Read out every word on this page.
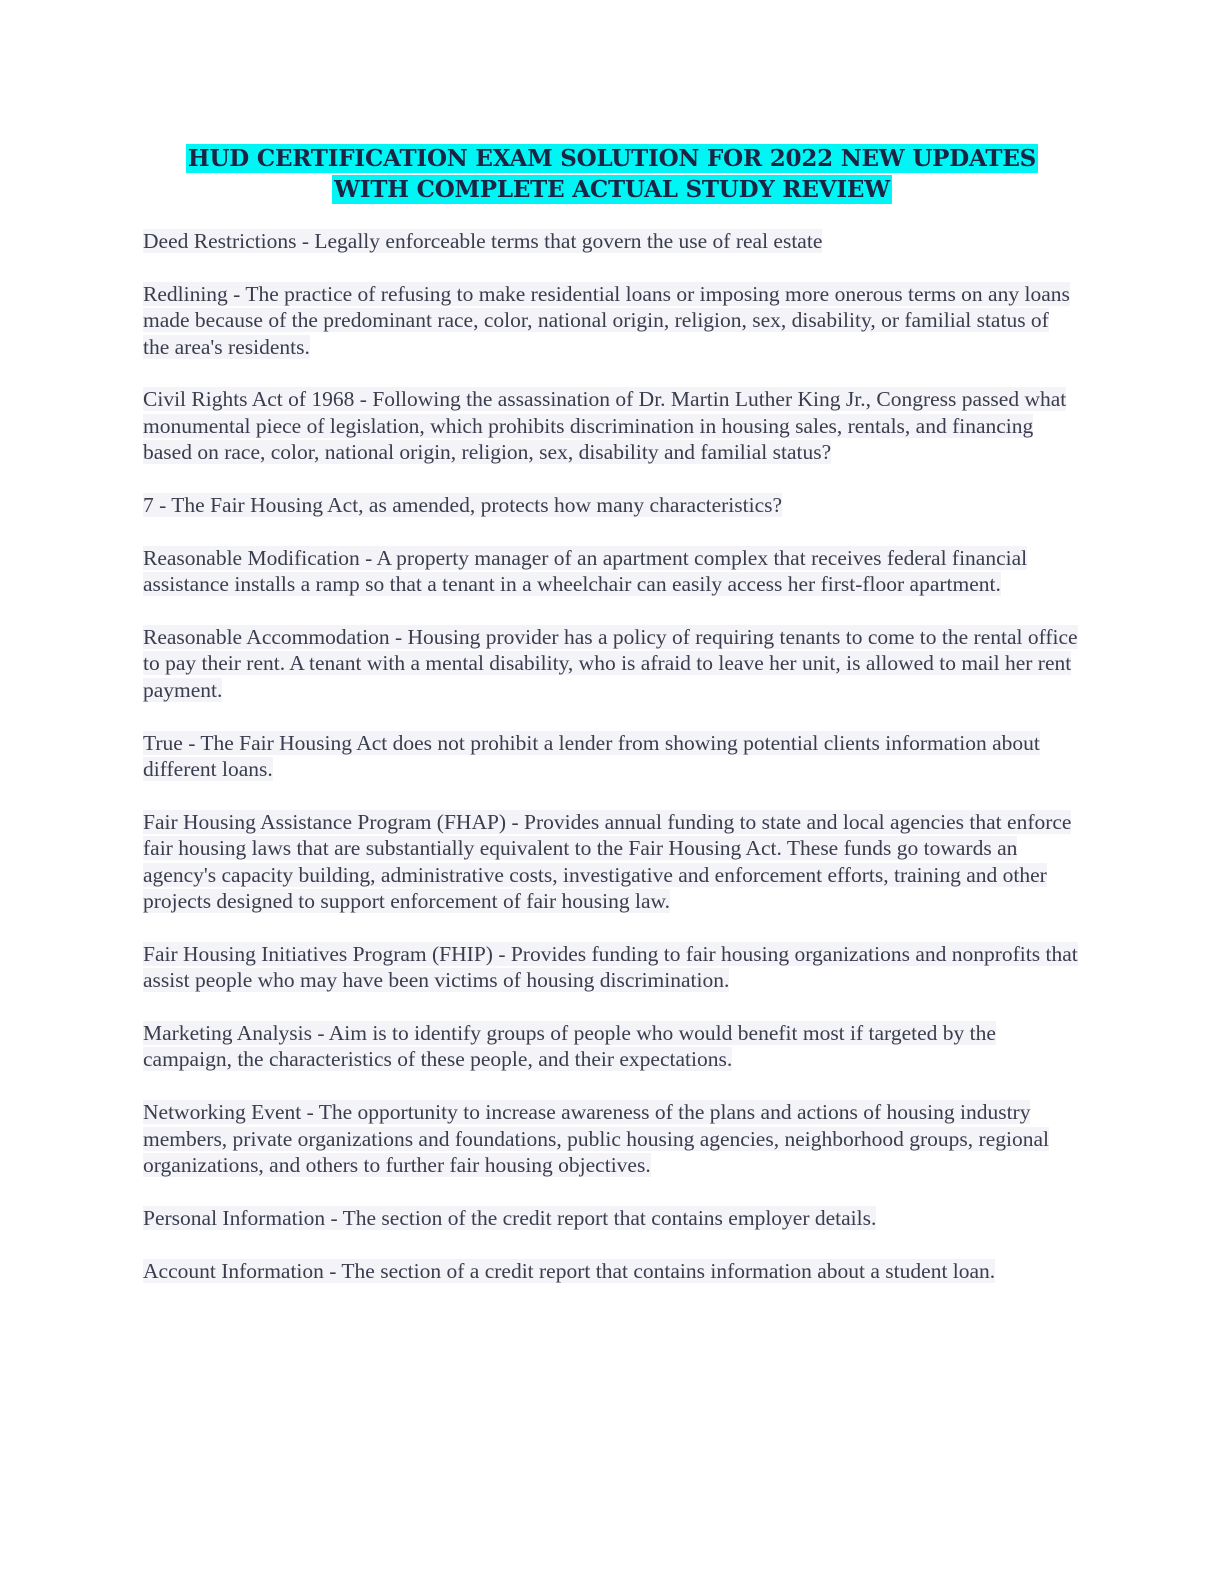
HUD CERTIFICATION EXAM SOLUTION FOR 2022 NEW UPDATES
WITH COMPLETE ACTUAL STUDY REVIEW

Deed Restrictions - Legally enforceable terms that govern the use of real estate

Redlining - The practice of refusing to make residential loans or imposing more onerous terms on any loans made because of the predominant race, color, national origin, religion, sex, disability, or familial status of the area's residents.

Civil Rights Act of 1968 - Following the assassination of Dr. Martin Luther King Jr., Congress passed what monumental piece of legislation, which prohibits discrimination in housing sales, rentals, and financing based on race, color, national origin, religion, sex, disability and familial status?

7 - The Fair Housing Act, as amended, protects how many characteristics?

Reasonable Modification - A property manager of an apartment complex that receives federal financial assistance installs a ramp so that a tenant in a wheelchair can easily access her first-floor apartment.

Reasonable Accommodation - Housing provider has a policy of requiring tenants to come to the rental office to pay their rent. A tenant with a mental disability, who is afraid to leave her unit, is allowed to mail her rent payment.

True - The Fair Housing Act does not prohibit a lender from showing potential clients information about different loans.

Fair Housing Assistance Program (FHAP) - Provides annual funding to state and local agencies that enforce fair housing laws that are substantially equivalent to the Fair Housing Act. These funds go towards an agency's capacity building, administrative costs, investigative and enforcement efforts, training and other projects designed to support enforcement of fair housing law.

Fair Housing Initiatives Program (FHIP) - Provides funding to fair housing organizations and nonprofits that assist people who may have been victims of housing discrimination.

Marketing Analysis - Aim is to identify groups of people who would benefit most if targeted by the campaign, the characteristics of these people, and their expectations.

Networking Event - The opportunity to increase awareness of the plans and actions of housing industry members, private organizations and foundations, public housing agencies, neighborhood groups, regional organizations, and others to further fair housing objectives.

Personal Information - The section of the credit report that contains employer details.

Account Information - The section of a credit report that contains information about a student loan.
